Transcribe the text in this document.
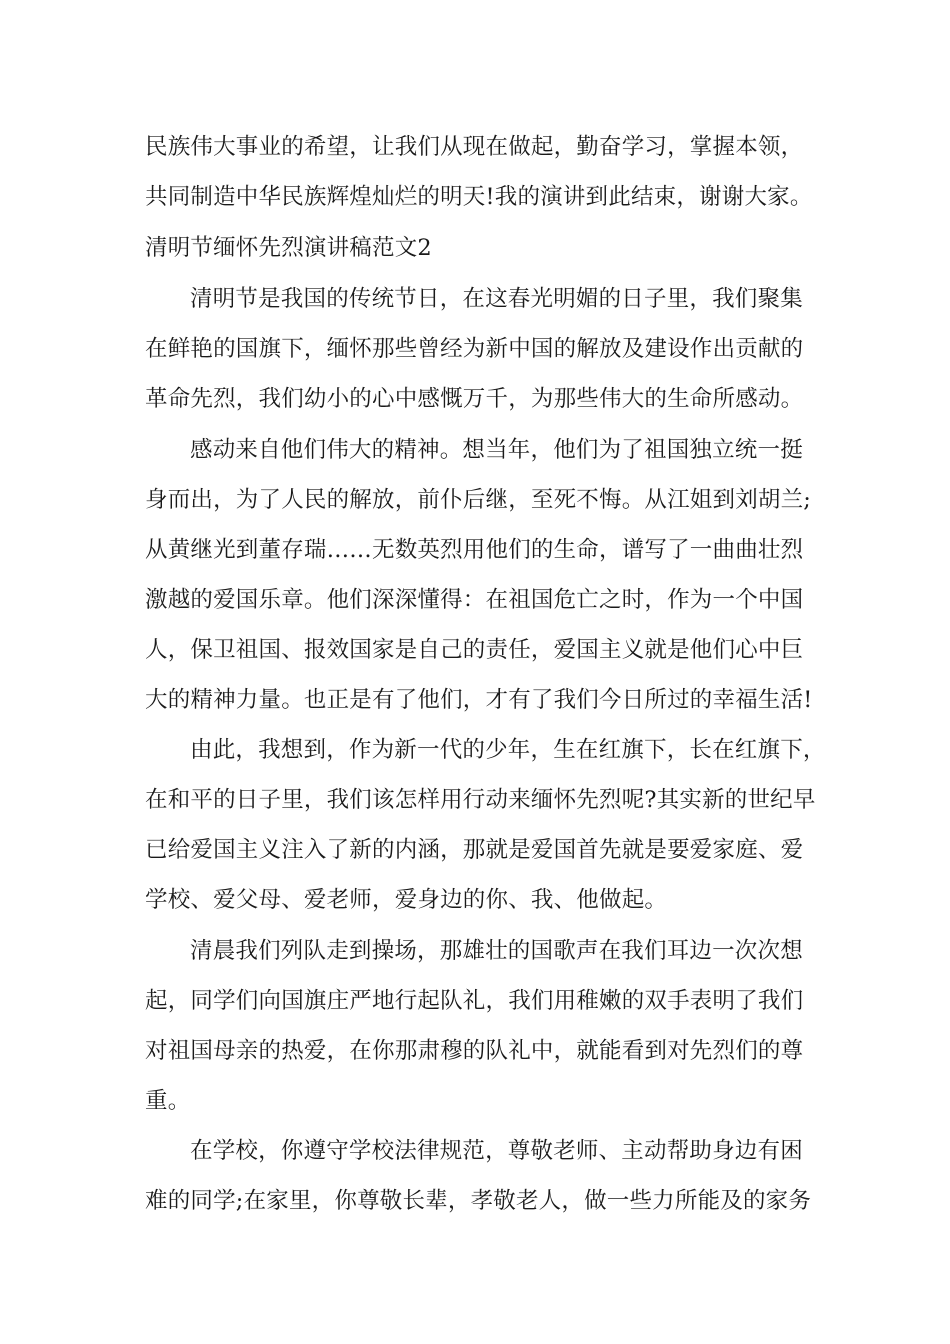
民族伟大事业的希望，让我们从现在做起，勤奋学习，掌握本领，
共同制造中华民族辉煌灿烂的明天!我的演讲到此结束，谢谢大家。
清明节缅怀先烈演讲稿范文2
清明节是我国的传统节日，在这春光明媚的日子里，我们聚集
在鲜艳的国旗下，缅怀那些曾经为新中国的解放及建设作出贡献的
革命先烈，我们幼小的心中感慨万千，为那些伟大的生命所感动。
感动来自他们伟大的精神。想当年，他们为了祖国独立统一挺
身而出，为了人民的解放，前仆后继，至死不悔。从江姐到刘胡兰;
从黄继光到董存瑞……无数英烈用他们的生命，谱写了一曲曲壮烈
激越的爱国乐章。他们深深懂得：在祖国危亡之时，作为一个中国
人，保卫祖国、报效国家是自己的责任，爱国主义就是他们心中巨
大的精神力量。也正是有了他们，才有了我们今日所过的幸福生活!
由此，我想到，作为新一代的少年，生在红旗下，长在红旗下，
在和平的日子里，我们该怎样用行动来缅怀先烈呢?其实新的世纪早
已给爱国主义注入了新的内涵，那就是爱国首先就是要爱家庭、爱
学校、爱父母、爱老师，爱身边的你、我、他做起。
清晨我们列队走到操场，那雄壮的国歌声在我们耳边一次次想
起，同学们向国旗庄严地行起队礼，我们用稚嫩的双手表明了我们
对祖国母亲的热爱，在你那肃穆的队礼中，就能看到对先烈们的尊
重。
在学校，你遵守学校法律规范，尊敬老师、主动帮助身边有困
难的同学;在家里，你尊敬长辈，孝敬老人，做一些力所能及的家务
